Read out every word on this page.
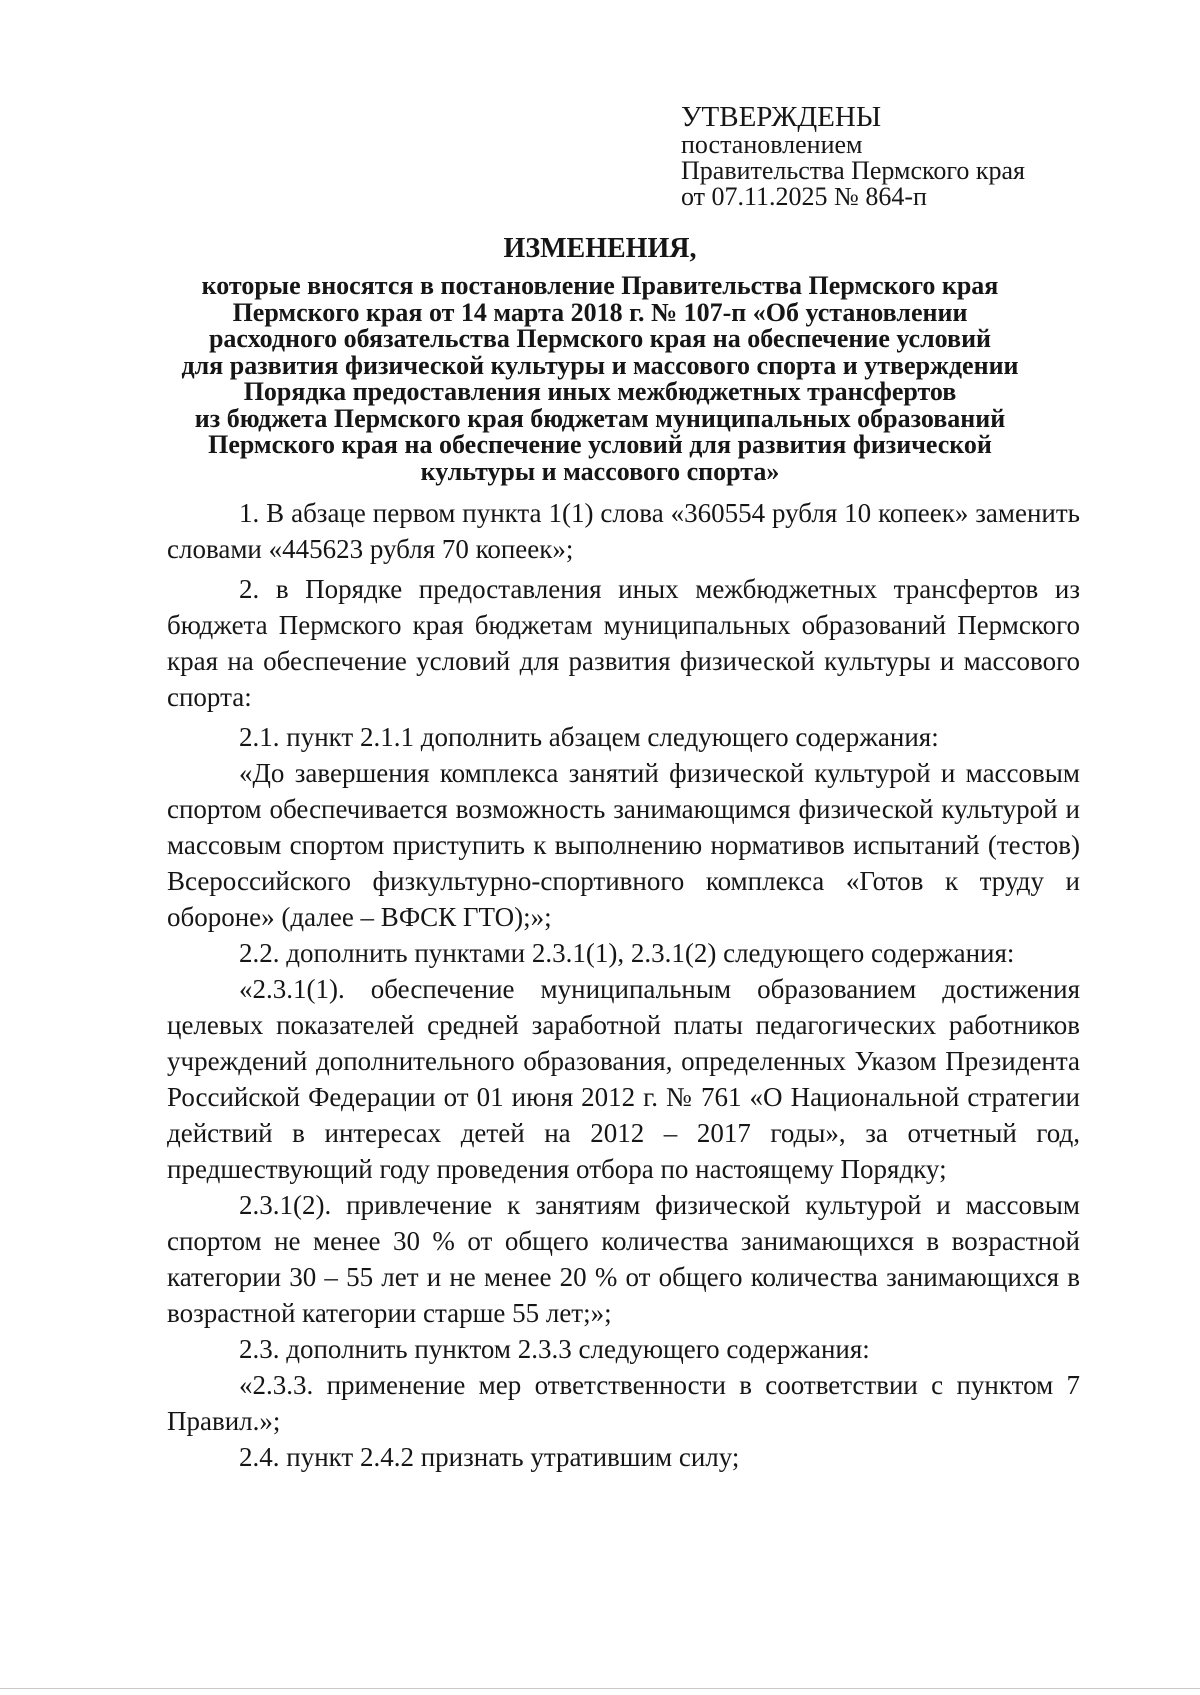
УТВЕРЖДЕНЫ
постановлением
Правительства Пермского края
от 07.11.2025 № 864-п
ИЗМЕНЕНИЯ,
которые вносятся в постановление Правительства Пермского края
Пермского края от 14 марта 2018 г. № 107-п «Об установлении
расходного обязательства Пермского края на обеспечение условий
для развития физической культуры и массового спорта и утверждении
Порядка предоставления иных межбюджетных трансфертов
из бюджета Пермского края бюджетам муниципальных образований
Пермского края на обеспечение условий для развития физической
культуры и массового спорта»

1. В абзаце первом пункта 1(1) слова «360554 рубля 10 копеек» заменить словами «445623 рубля 70 копеек»;

2. в Порядке предоставления иных межбюджетных трансфертов из бюджета Пермского края бюджетам муниципальных образований Пермского края на обеспечение условий для развития физической культуры и массового спорта:

2.1. пункт 2.1.1 дополнить абзацем следующего содержания:

«До завершения комплекса занятий физической культурой и массовым спортом обеспечивается возможность занимающимся физической культурой и массовым спортом приступить к выполнению нормативов испытаний (тестов) Всероссийского физкультурно-спортивного комплекса «Готов к труду и обороне» (далее – ВФСК ГТО);»;

2.2. дополнить пунктами 2.3.1(1), 2.3.1(2) следующего содержания:

«2.3.1(1). обеспечение муниципальным образованием достижения целевых показателей средней заработной платы педагогических работников учреждений дополнительного образования, определенных Указом Президента Российской Федерации от 01 июня 2012 г. № 761 «О Национальной стратегии действий в интересах детей на 2012 – 2017 годы», за отчетный год, предшествующий году проведения отбора по настоящему Порядку;

2.3.1(2). привлечение к занятиям физической культурой и массовым спортом не менее 30 % от общего количества занимающихся в возрастной категории 30 – 55 лет и не менее 20 % от общего количества занимающихся в возрастной категории старше 55 лет;»;

2.3. дополнить пунктом 2.3.3 следующего содержания:

«2.3.3. применение мер ответственности в соответствии с пунктом 7 Правил.»;

2.4. пункт 2.4.2 признать утратившим силу;
